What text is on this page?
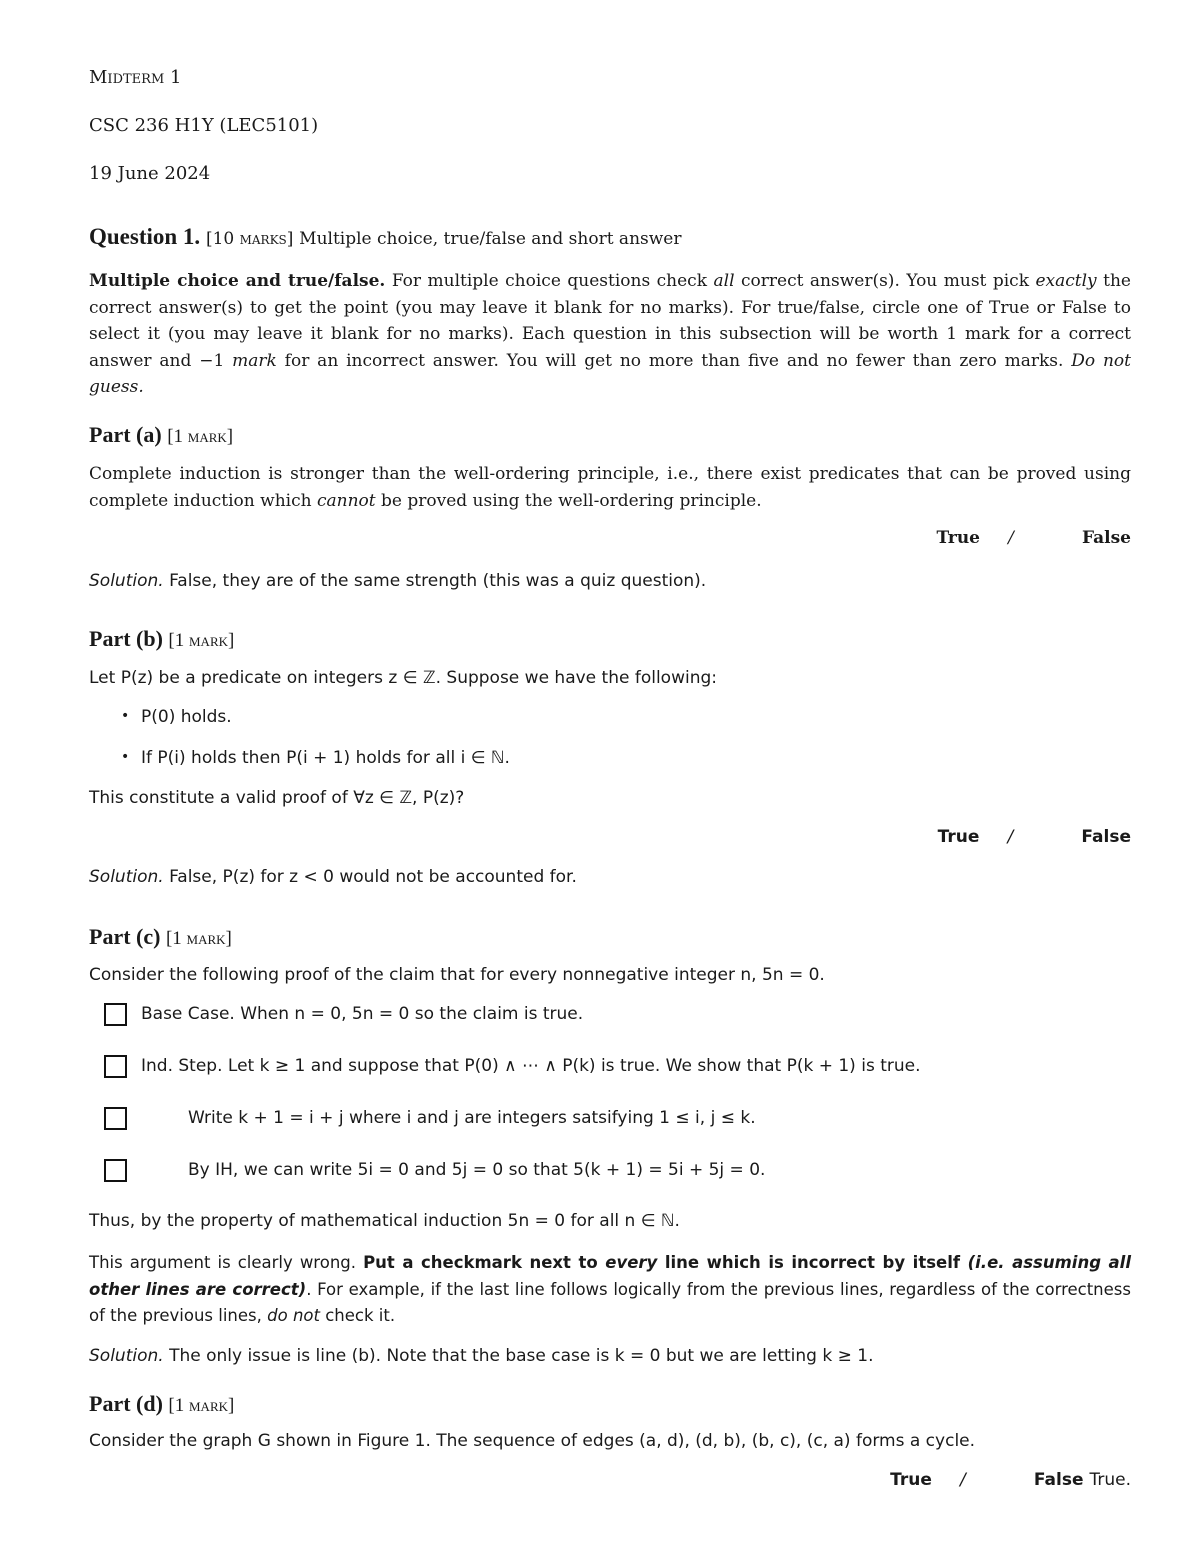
Midterm 1
CSC 236 H1Y (LEC5101)
19 June 2024
Question 1. [10 marks] Multiple choice, true/false and short answer
Multiple choice and true/false. For multiple choice questions check all correct answer(s). You must pick exactly the correct answer(s) to get the point (you may leave it blank for no marks). For true/false, circle one of True or False to select it (you may leave it blank for no marks). Each question in this subsection will be worth 1 mark for a correct answer and −1 mark for an incorrect answer. You will get no more than five and no fewer than zero marks. Do not guess.
Part (a) [1 mark]
Complete induction is stronger than the well-ordering principle, i.e., there exist predicates that can be proved using complete induction which cannot be proved using the well-ordering principle.
True /	False
Solution. False, they are of the same strength (this was a quiz question).
Part (b) [1 mark]
Let P(z) be a predicate on integers z ∈ ℤ. Suppose we have the following:
• P(0) holds.
• If P(i) holds then P(i + 1) holds for all i ∈ ℕ.
This constitute a valid proof of ∀z ∈ ℤ, P(z)?
True /	False
Solution. False, P(z) for z < 0 would not be accounted for.
Part (c) [1 mark]
Consider the following proof of the claim that for every nonnegative integer n, 5n = 0.
Base Case. When n = 0, 5n = 0 so the claim is true.
Ind. Step. Let k ≥ 1 and suppose that P(0) ∧ ⋯ ∧ P(k) is true. We show that P(k + 1) is true.
Write k + 1 = i + j where i and j are integers satsifying 1 ≤ i, j ≤ k.
By IH, we can write 5i = 0 and 5j = 0 so that 5(k + 1) = 5i + 5j = 0.
Thus, by the property of mathematical induction 5n = 0 for all n ∈ ℕ.
This argument is clearly wrong. Put a checkmark next to every line which is incorrect by itself (i.e. assuming all other lines are correct). For example, if the last line follows logically from the previous lines, regardless of the correctness of the previous lines, do not check it.
Solution. The only issue is line (b). Note that the base case is k = 0 but we are letting k ≥ 1.
Part (d) [1 mark]
Consider the graph G shown in Figure 1. The sequence of edges (a, d), (d, b), (b, c), (c, a) forms a cycle.
True /	False True.
